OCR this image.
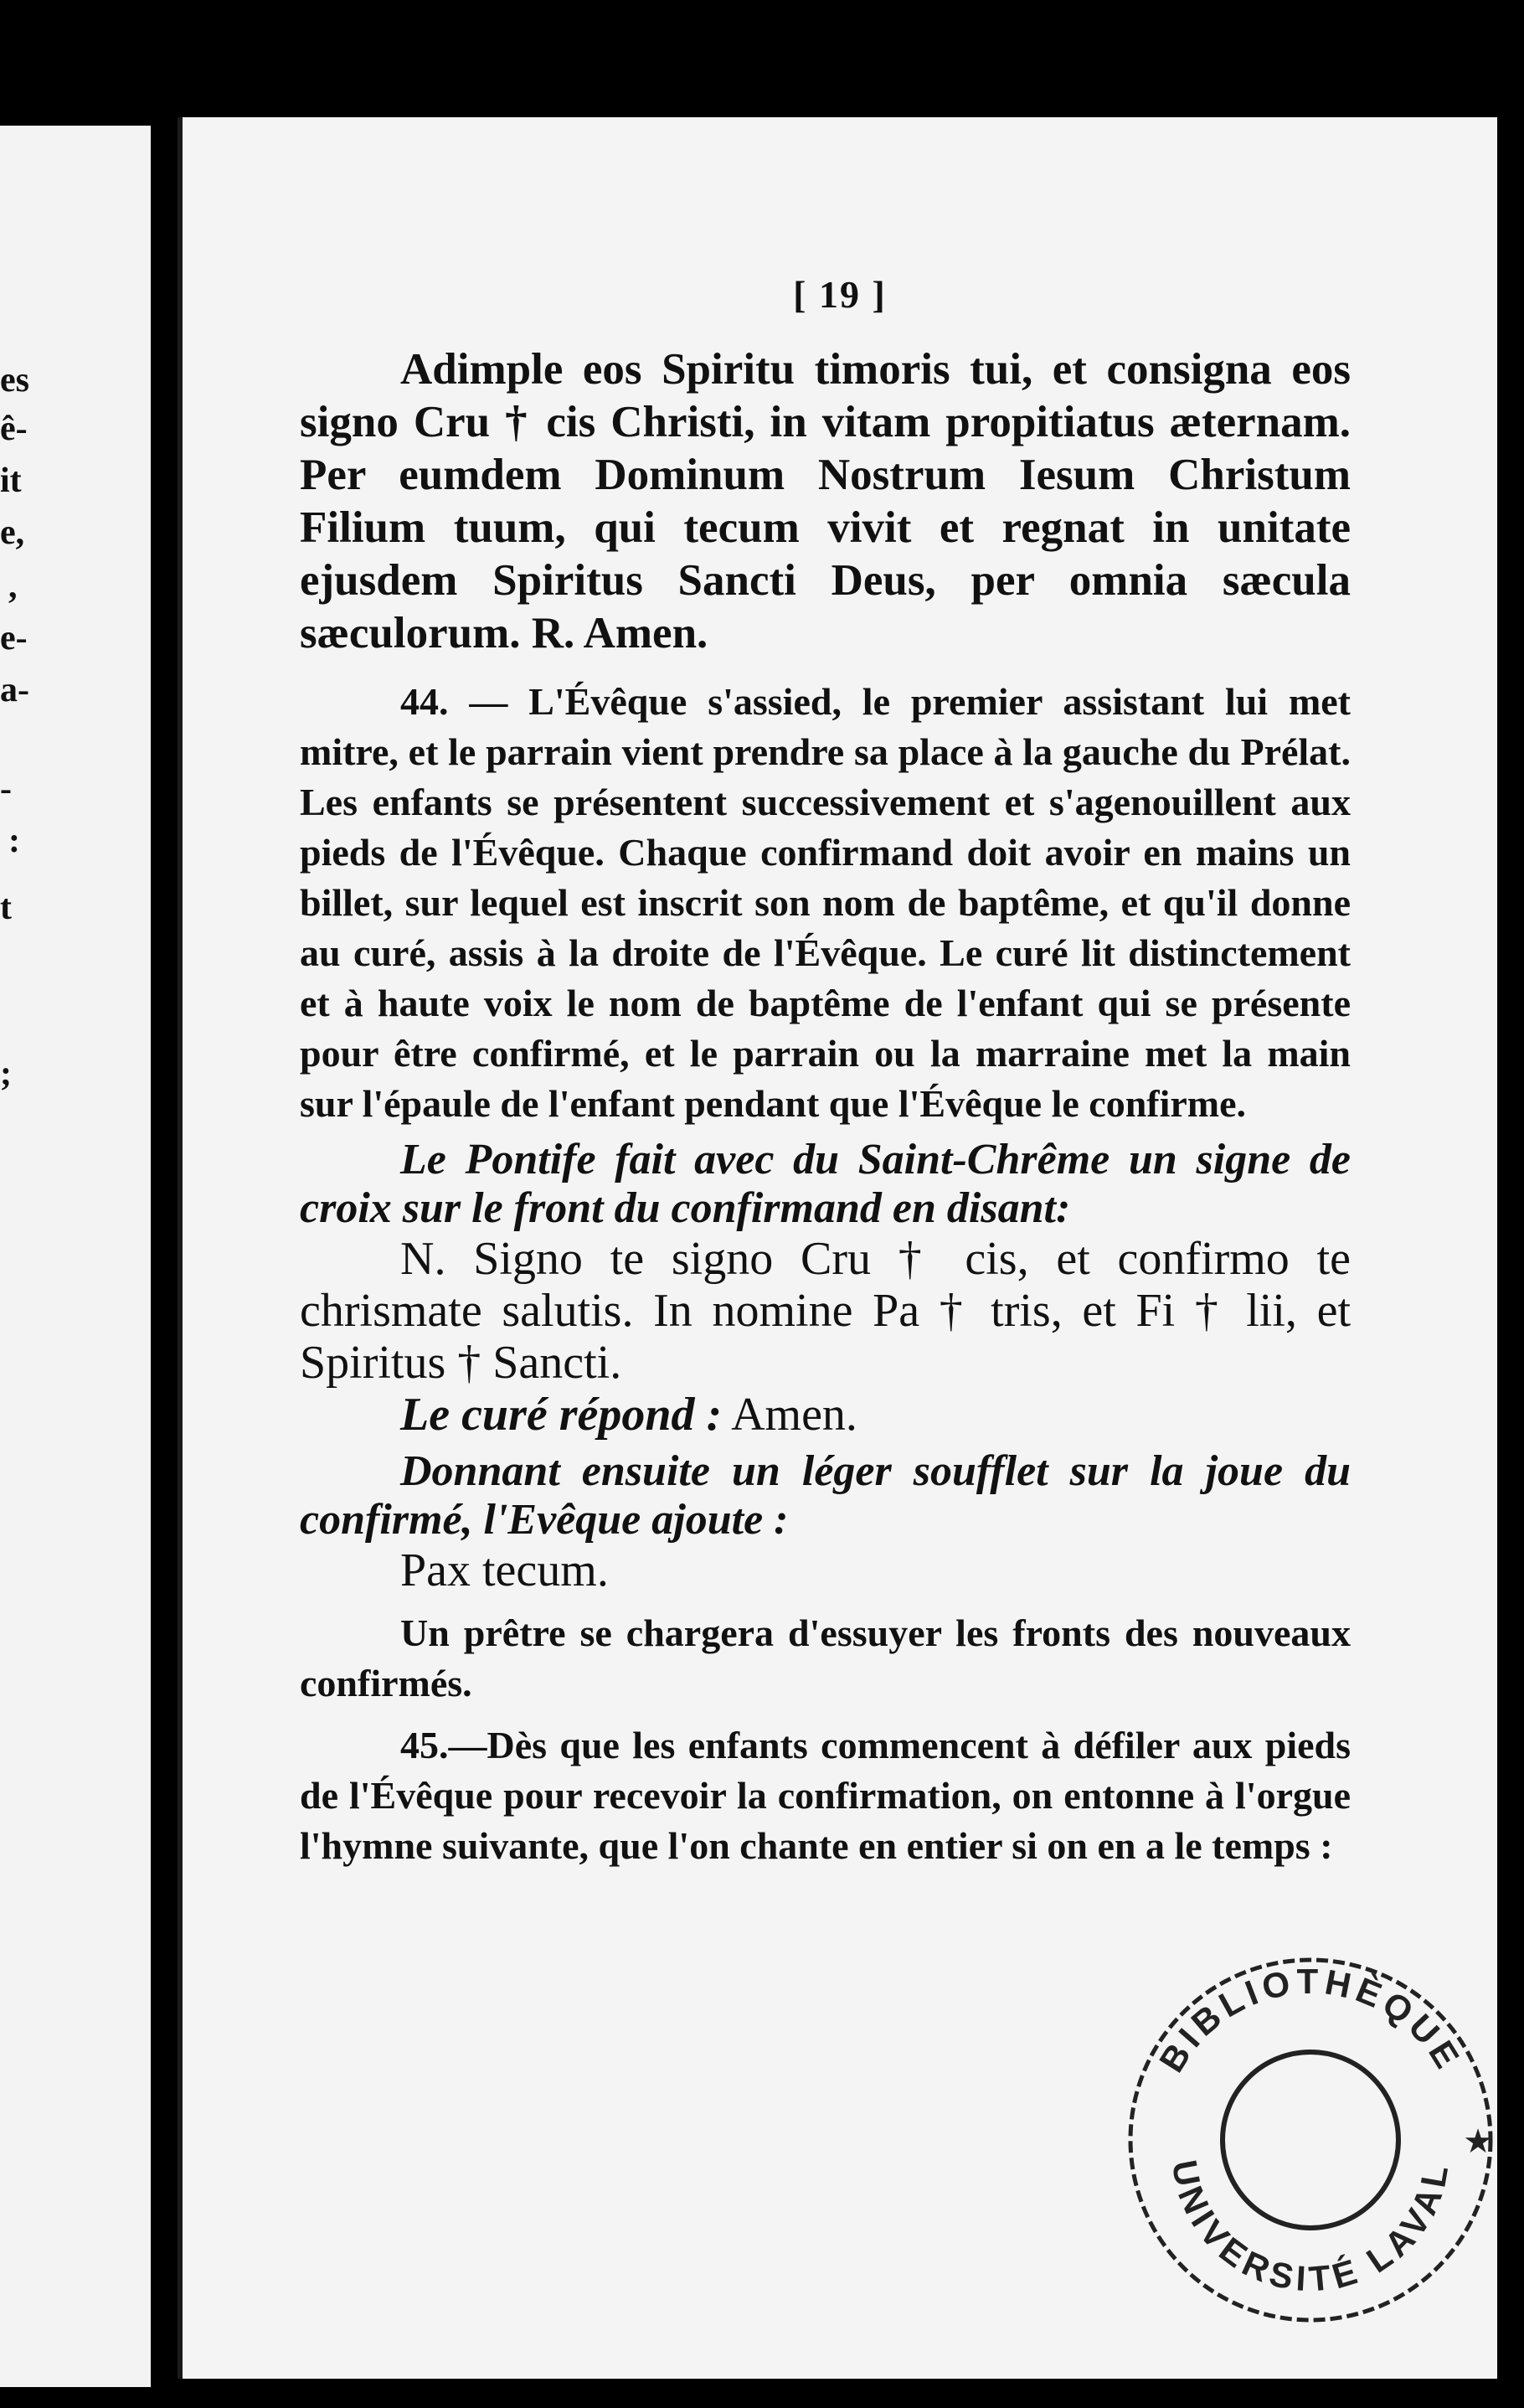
es
ê-
it
e,
,
e-
a-
-
:
t
;
[ 19 ]

Adimple eos Spiritu timoris tui, et consigna eos signo Cru † cis Christi, in vitam propitiatus æternam. Per eumdem Dominum Nostrum Iesum Christum Filium tuum, qui tecum vivit et regnat in unitate ejusdem Spiritus Sancti Deus, per omnia sæcula sæculorum. R. Amen.

44. — L'Évêque s'assied, le premier assistant lui met mitre, et le parrain vient prendre sa place à la gauche du Prélat. Les enfants se présentent successivement et s'agenouillent aux pieds de l'Évêque. Chaque confirmand doit avoir en mains un billet, sur lequel est inscrit son nom de baptême, et qu'il donne au curé, assis à la droite de l'Évêque. Le curé lit distinctement et à haute voix le nom de baptême de l'enfant qui se présente pour être confirmé, et le parrain ou la marraine met la main sur l'épaule de l'enfant pendant que l'Évêque le confirme.

Le Pontife fait avec du Saint-Chrême un signe de croix sur le front du confirmand en disant:

N. Signo te signo Cru † cis, et confirmo te chrismate salutis. In nomine Pa † tris, et Fi † lii, et Spiritus † Sancti.

Le curé répond : Amen.

Donnant ensuite un léger soufflet sur la joue du confirmé, l'Evêque ajoute :

Pax tecum.

Un prêtre se chargera d'essuyer les fronts des nouveaux confirmés.

45.—Dès que les enfants commencent à défiler aux pieds de l'Évêque pour recevoir la confirmation, on entonne à l'orgue l'hymne suivante, que l'on chante en entier si on en a le temps :

BIBLIOTHÈQUE
UNIVERSITÉ LAVAL
★
